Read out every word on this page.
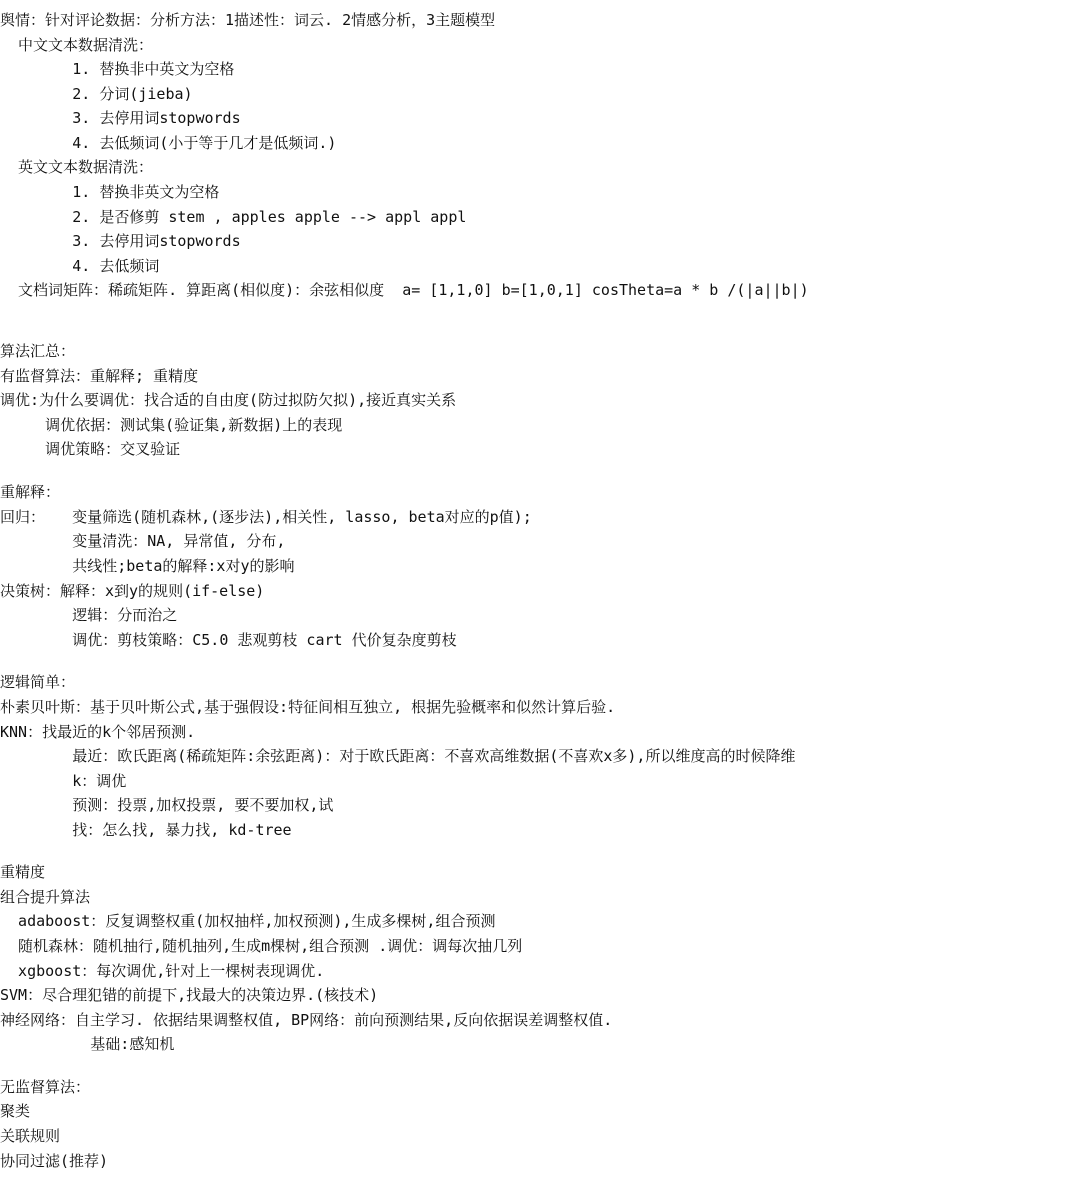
舆情：针对评论数据：分析方法：1描述性：词云. 2情感分析，3主题模型
中文文本数据清洗：
1. 替换非中英文为空格
2. 分词(jieba)
3. 去停用词stopwords
4. 去低频词(小于等于几才是低频词.)
英文文本数据清洗：
1. 替换非英文为空格
2. 是否修剪 stem , apples apple --> appl appl
3. 去停用词stopwords
4. 去低频词
文档词矩阵：稀疏矩阵. 算距离(相似度)：余弦相似度  a= [1,1,0] b=[1,0,1] cosTheta=a * b /(|a||b|)
算法汇总：
有监督算法：重解释; 重精度
调优:为什么要调优：找合适的自由度(防过拟防欠拟),接近真实关系
调优依据：测试集(验证集,新数据)上的表现
调优策略：交叉验证
重解释：
回归：   变量筛选(随机森林,(逐步法),相关性, lasso, beta对应的p值);
变量清洗：NA, 异常值, 分布,
共线性;beta的解释:x对y的影响
决策树：解释：x到y的规则(if-else)
逻辑：分而治之
调优：剪枝策略：C5.0 悲观剪枝 cart 代价复杂度剪枝
逻辑简单：
朴素贝叶斯：基于贝叶斯公式,基于强假设:特征间相互独立, 根据先验概率和似然计算后验.
KNN：找最近的k个邻居预测.
最近：欧氏距离(稀疏矩阵:余弦距离)：对于欧氏距离：不喜欢高维数据(不喜欢x多),所以维度高的时候降维
k：调优
预测：投票,加权投票, 要不要加权,试
找：怎么找, 暴力找, kd-tree
重精度
组合提升算法
adaboost：反复调整权重(加权抽样,加权预测),生成多棵树,组合预测
随机森林：随机抽行,随机抽列,生成m棵树,组合预测 .调优：调每次抽几列
xgboost：每次调优,针对上一棵树表现调优.
SVM：尽合理犯错的前提下,找最大的决策边界.(核技术)
神经网络：自主学习. 依据结果调整权值, BP网络：前向预测结果,反向依据误差调整权值.
基础:感知机
无监督算法：
聚类
关联规则
协同过滤(推荐)
